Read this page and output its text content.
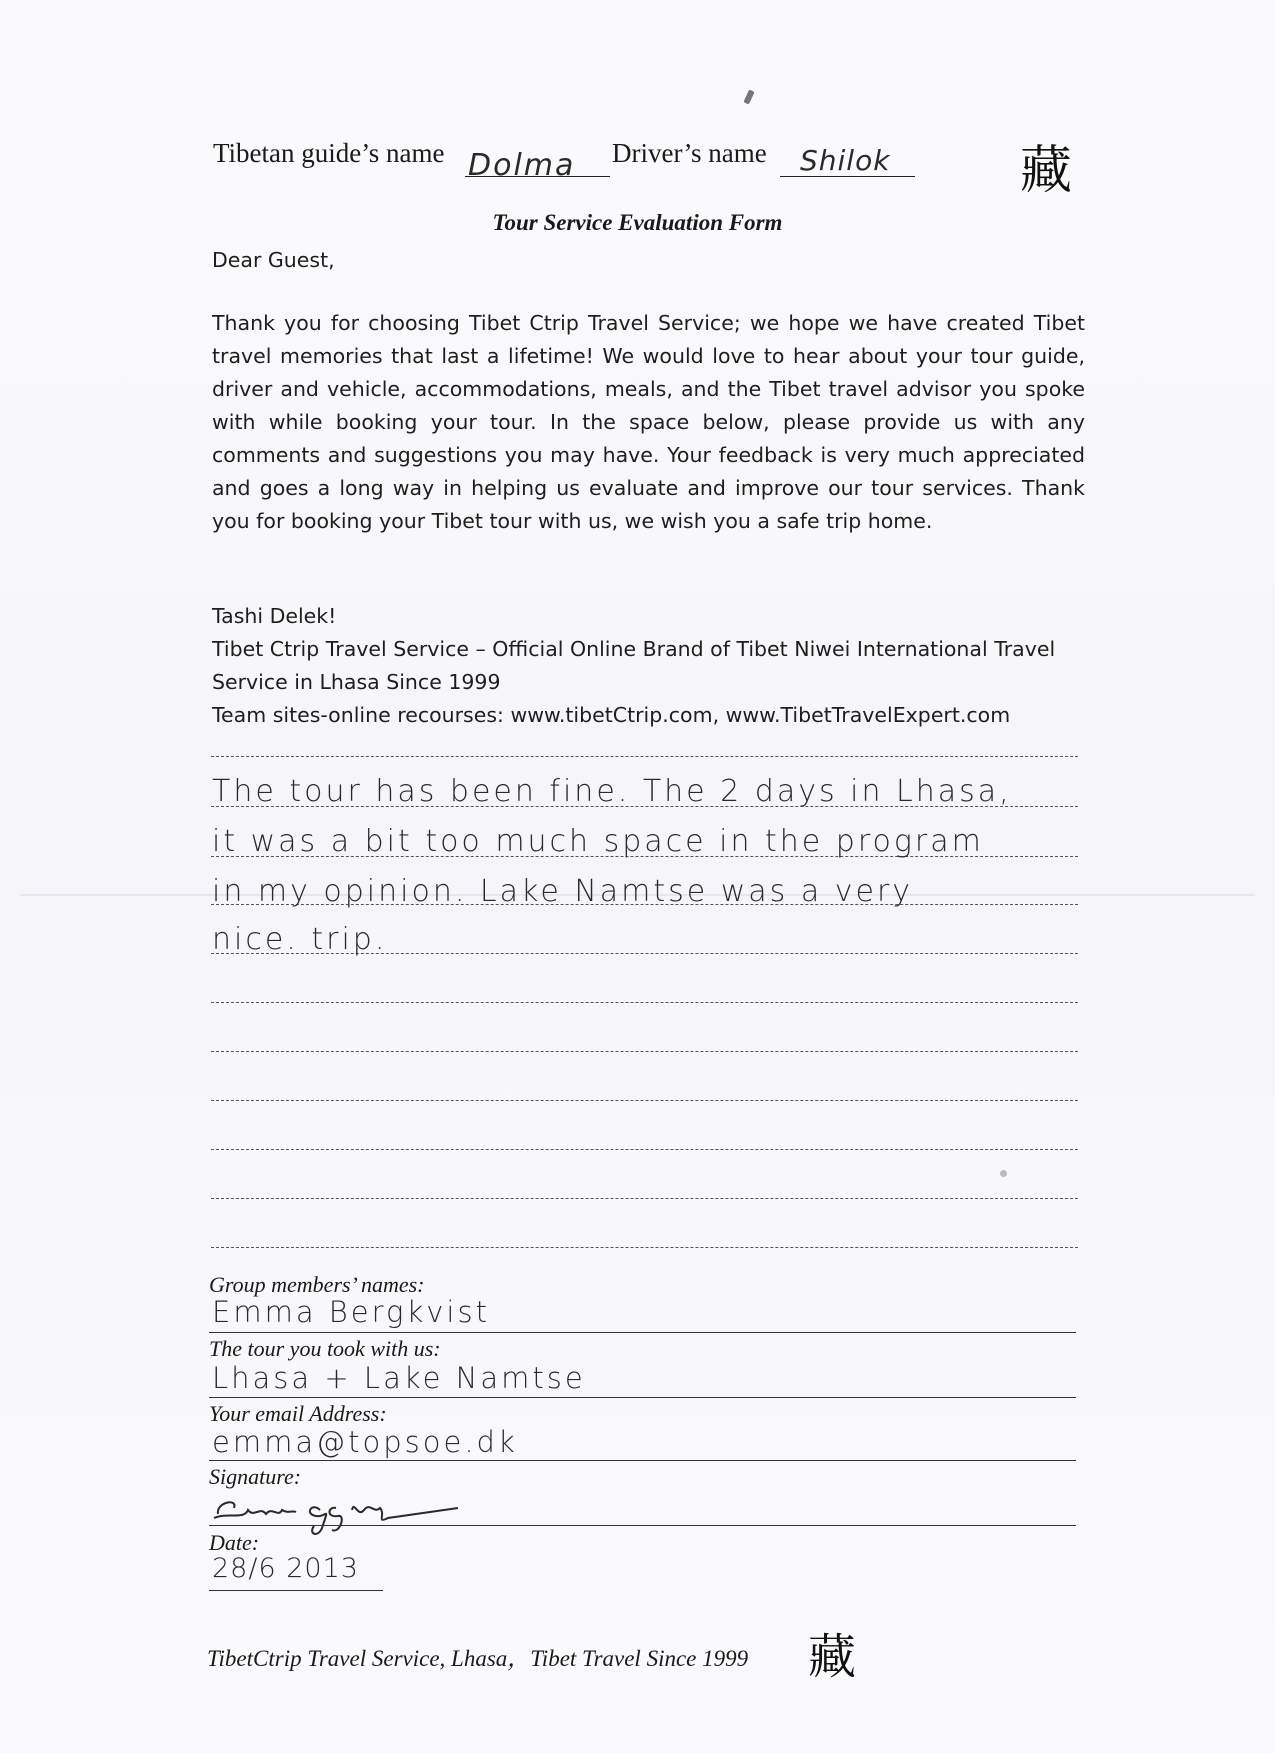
Tibetan guide’s name Dolma Driver’s name Shilok 藏
Tour Service Evaluation Form
Dear Guest,
Thank you for choosing Tibet Ctrip Travel Service; we hope we have created Tibet travel memories that last a lifetime! We would love to hear about your tour guide, driver and vehicle, accommodations, meals, and the Tibet travel advisor you spoke with while booking your tour. In the space below, please provide us with any comments and suggestions you may have. Your feedback is very much appreciated and goes a long way in helping us evaluate and improve our tour services. Thank you for booking your Tibet tour with us, we wish you a safe trip home.
Tashi Delek!
Tibet Ctrip Travel Service – Official Online Brand of Tibet Niwei International Travel Service in Lhasa Since 1999
Team sites-online recourses: www.tibetCtrip.com, www.TibetTravelExpert.com
The tour has been fine. The 2 days in Lhasa,
it was a bit too much space in the program
in my opinion. Lake Namtse was a very
nice. trip.
Group members’ names:
Emma Bergkvist
The tour you took with us:
Lhasa + Lake Namtse
Your email Address:
emma@topsoe.dk
Signature:
Date:
28/6 2013
TibetCtrip Travel Service, Lhasa，Tibet Travel Since 1999 藏
